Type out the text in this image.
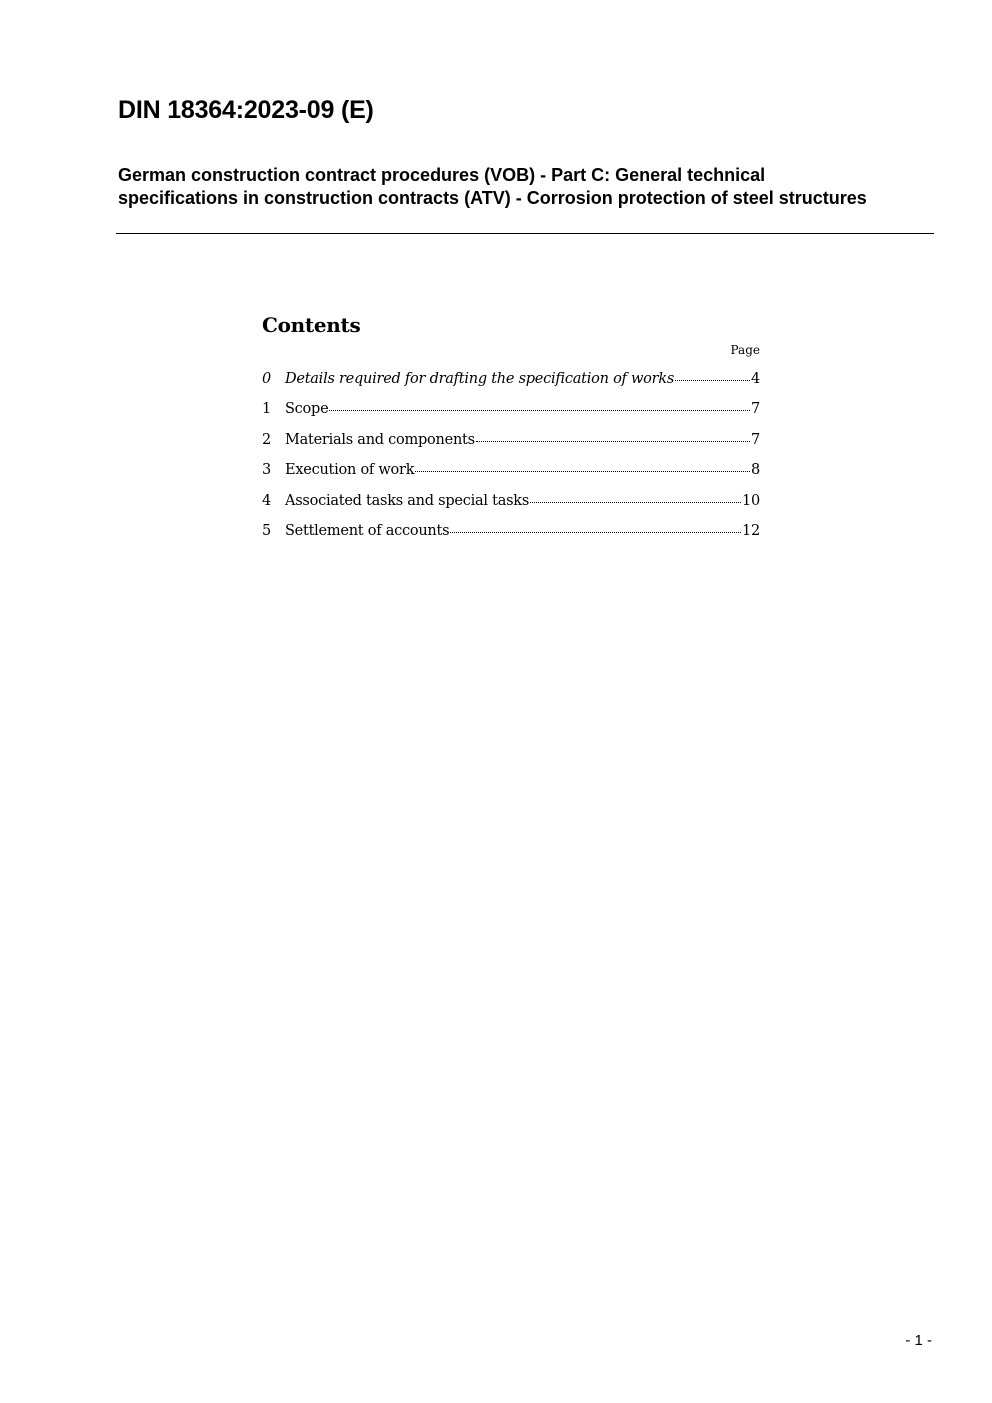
DIN 18364:2023-09 (E)
German construction contract procedures (VOB) - Part C: General technical specifications in construction contracts (ATV) - Corrosion protection of steel structures
Contents
Page
0 Details required for drafting the specification of works	4
1 Scope	7
2 Materials and components	7
3 Execution of work	8
4 Associated tasks and special tasks	10
5 Settlement of accounts	12
- 1 -
